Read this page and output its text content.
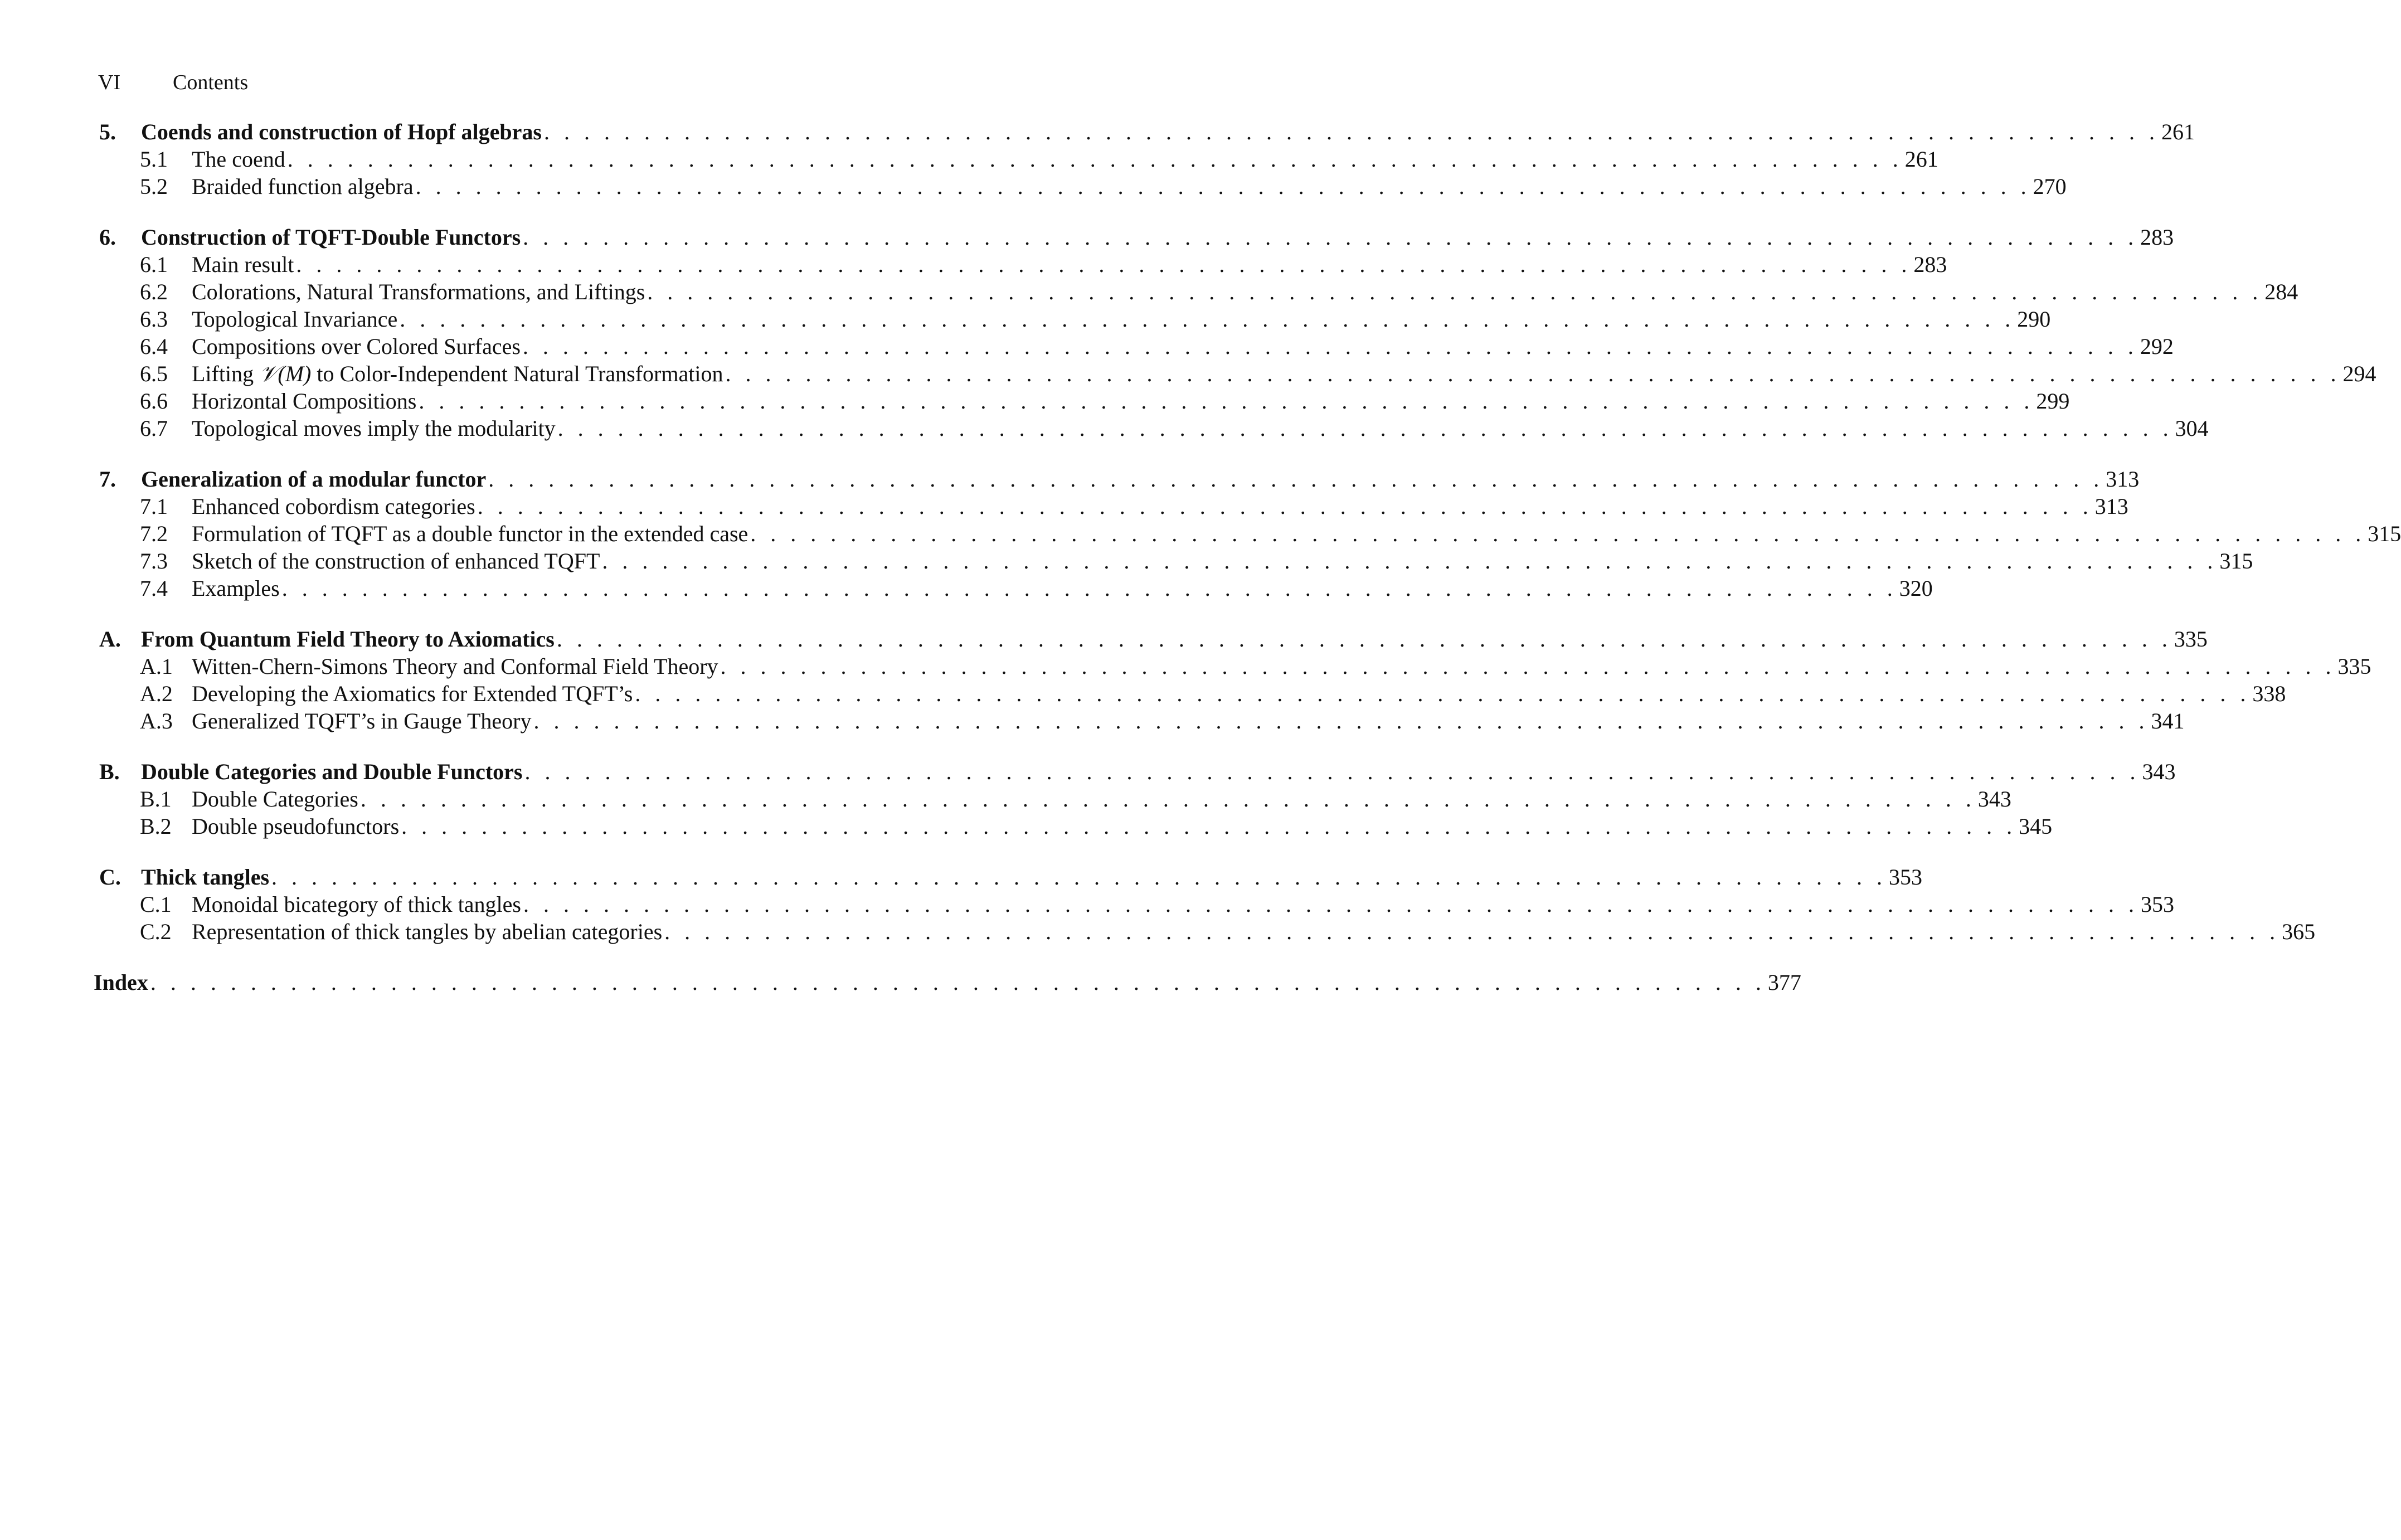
VI Contents
5. Coends and construction of Hopf algebras . . . . . . . . . . . . . . . . . . . . . . . . . . . . . . . . . . . . . . . . . . . . . . . . . . . . . . . . . . . . . . . . . . . . . . . . . . . . . . . . . 261
5.1 The coend . . . . . . . . . . . . . . . . . . . . . . . . . . . . . . . . . . . . . . . . . . . . . . . . . . . . . . . . . . . . . . . . . . . . . . . . . . . . . . . . . 261
5.2 Braided function algebra . . . . . . . . . . . . . . . . . . . . . . . . . . . . . . . . . . . . . . . . . . . . . . . . . . . . . . . . . . . . . . . . . . . . . . . . . . . . . . . . . 270
6. Construction of TQFT-Double Functors . . . . . . . . . . . . . . . . . . . . . . . . . . . . . . . . . . . . . . . . . . . . . . . . . . . . . . . . . . . . . . . . . . . . . . . . . . . . . . . . . 283
6.1 Main result . . . . . . . . . . . . . . . . . . . . . . . . . . . . . . . . . . . . . . . . . . . . . . . . . . . . . . . . . . . . . . . . . . . . . . . . . . . . . . . . . 283
6.2 Colorations, Natural Transformations, and Liftings . . . . . . . . . . . . . . . . . . . . . . . . . . . . . . . . . . . . . . . . . . . . . . . . . . . . . . . . . . . . . . . . . . . . . . . . . . . . . . . . . 284
6.3 Topological Invariance . . . . . . . . . . . . . . . . . . . . . . . . . . . . . . . . . . . . . . . . . . . . . . . . . . . . . . . . . . . . . . . . . . . . . . . . . . . . . . . . . 290
6.4 Compositions over Colored Surfaces . . . . . . . . . . . . . . . . . . . . . . . . . . . . . . . . . . . . . . . . . . . . . . . . . . . . . . . . . . . . . . . . . . . . . . . . . . . . . . . . . 292
6.5 Lifting 𝒱(M) to Color-Independent Natural Transformation . . . . . . . . . . . . . . . . . . . . . . . . . . . . . . . . . . . . . . . . . . . . . . . . . . . . . . . . . . . . . . . . . . . . . . . . . . . . . . . . . 294
6.6 Horizontal Compositions . . . . . . . . . . . . . . . . . . . . . . . . . . . . . . . . . . . . . . . . . . . . . . . . . . . . . . . . . . . . . . . . . . . . . . . . . . . . . . . . . 299
6.7 Topological moves imply the modularity . . . . . . . . . . . . . . . . . . . . . . . . . . . . . . . . . . . . . . . . . . . . . . . . . . . . . . . . . . . . . . . . . . . . . . . . . . . . . . . . . 304
7. Generalization of a modular functor . . . . . . . . . . . . . . . . . . . . . . . . . . . . . . . . . . . . . . . . . . . . . . . . . . . . . . . . . . . . . . . . . . . . . . . . . . . . . . . . . 313
7.1 Enhanced cobordism categories . . . . . . . . . . . . . . . . . . . . . . . . . . . . . . . . . . . . . . . . . . . . . . . . . . . . . . . . . . . . . . . . . . . . . . . . . . . . . . . . . 313
7.2 Formulation of TQFT as a double functor in the extended case . . . . . . . . . . . . . . . . . . . . . . . . . . . . . . . . . . . . . . . . . . . . . . . . . . . . . . . . . . . . . . . . . . . . . . . . . . . . . . . . . 315
7.3 Sketch of the construction of enhanced TQFT . . . . . . . . . . . . . . . . . . . . . . . . . . . . . . . . . . . . . . . . . . . . . . . . . . . . . . . . . . . . . . . . . . . . . . . . . . . . . . . . . 315
7.4 Examples . . . . . . . . . . . . . . . . . . . . . . . . . . . . . . . . . . . . . . . . . . . . . . . . . . . . . . . . . . . . . . . . . . . . . . . . . . . . . . . . . 320
A. From Quantum Field Theory to Axiomatics . . . . . . . . . . . . . . . . . . . . . . . . . . . . . . . . . . . . . . . . . . . . . . . . . . . . . . . . . . . . . . . . . . . . . . . . . . . . . . . . . 335
A.1 Witten-Chern-Simons Theory and Conformal Field Theory . . . . . . . . . . . . . . . . . . . . . . . . . . . . . . . . . . . . . . . . . . . . . . . . . . . . . . . . . . . . . . . . . . . . . . . . . . . . . . . . . 335
A.2 Developing the Axiomatics for Extended TQFT’s . . . . . . . . . . . . . . . . . . . . . . . . . . . . . . . . . . . . . . . . . . . . . . . . . . . . . . . . . . . . . . . . . . . . . . . . . . . . . . . . . 338
A.3 Generalized TQFT’s in Gauge Theory . . . . . . . . . . . . . . . . . . . . . . . . . . . . . . . . . . . . . . . . . . . . . . . . . . . . . . . . . . . . . . . . . . . . . . . . . . . . . . . . . 341
B. Double Categories and Double Functors . . . . . . . . . . . . . . . . . . . . . . . . . . . . . . . . . . . . . . . . . . . . . . . . . . . . . . . . . . . . . . . . . . . . . . . . . . . . . . . . . 343
B.1 Double Categories . . . . . . . . . . . . . . . . . . . . . . . . . . . . . . . . . . . . . . . . . . . . . . . . . . . . . . . . . . . . . . . . . . . . . . . . . . . . . . . . . 343
B.2 Double pseudofunctors . . . . . . . . . . . . . . . . . . . . . . . . . . . . . . . . . . . . . . . . . . . . . . . . . . . . . . . . . . . . . . . . . . . . . . . . . . . . . . . . . 345
C. Thick tangles . . . . . . . . . . . . . . . . . . . . . . . . . . . . . . . . . . . . . . . . . . . . . . . . . . . . . . . . . . . . . . . . . . . . . . . . . . . . . . . . . 353
C.1 Monoidal bicategory of thick tangles . . . . . . . . . . . . . . . . . . . . . . . . . . . . . . . . . . . . . . . . . . . . . . . . . . . . . . . . . . . . . . . . . . . . . . . . . . . . . . . . . 353
C.2 Representation of thick tangles by abelian categories . . . . . . . . . . . . . . . . . . . . . . . . . . . . . . . . . . . . . . . . . . . . . . . . . . . . . . . . . . . . . . . . . . . . . . . . . . . . . . . . . 365
Index . . . . . . . . . . . . . . . . . . . . . . . . . . . . . . . . . . . . . . . . . . . . . . . . . . . . . . . . . . . . . . . . . . . . . . . . . . . . . . . . . 377
